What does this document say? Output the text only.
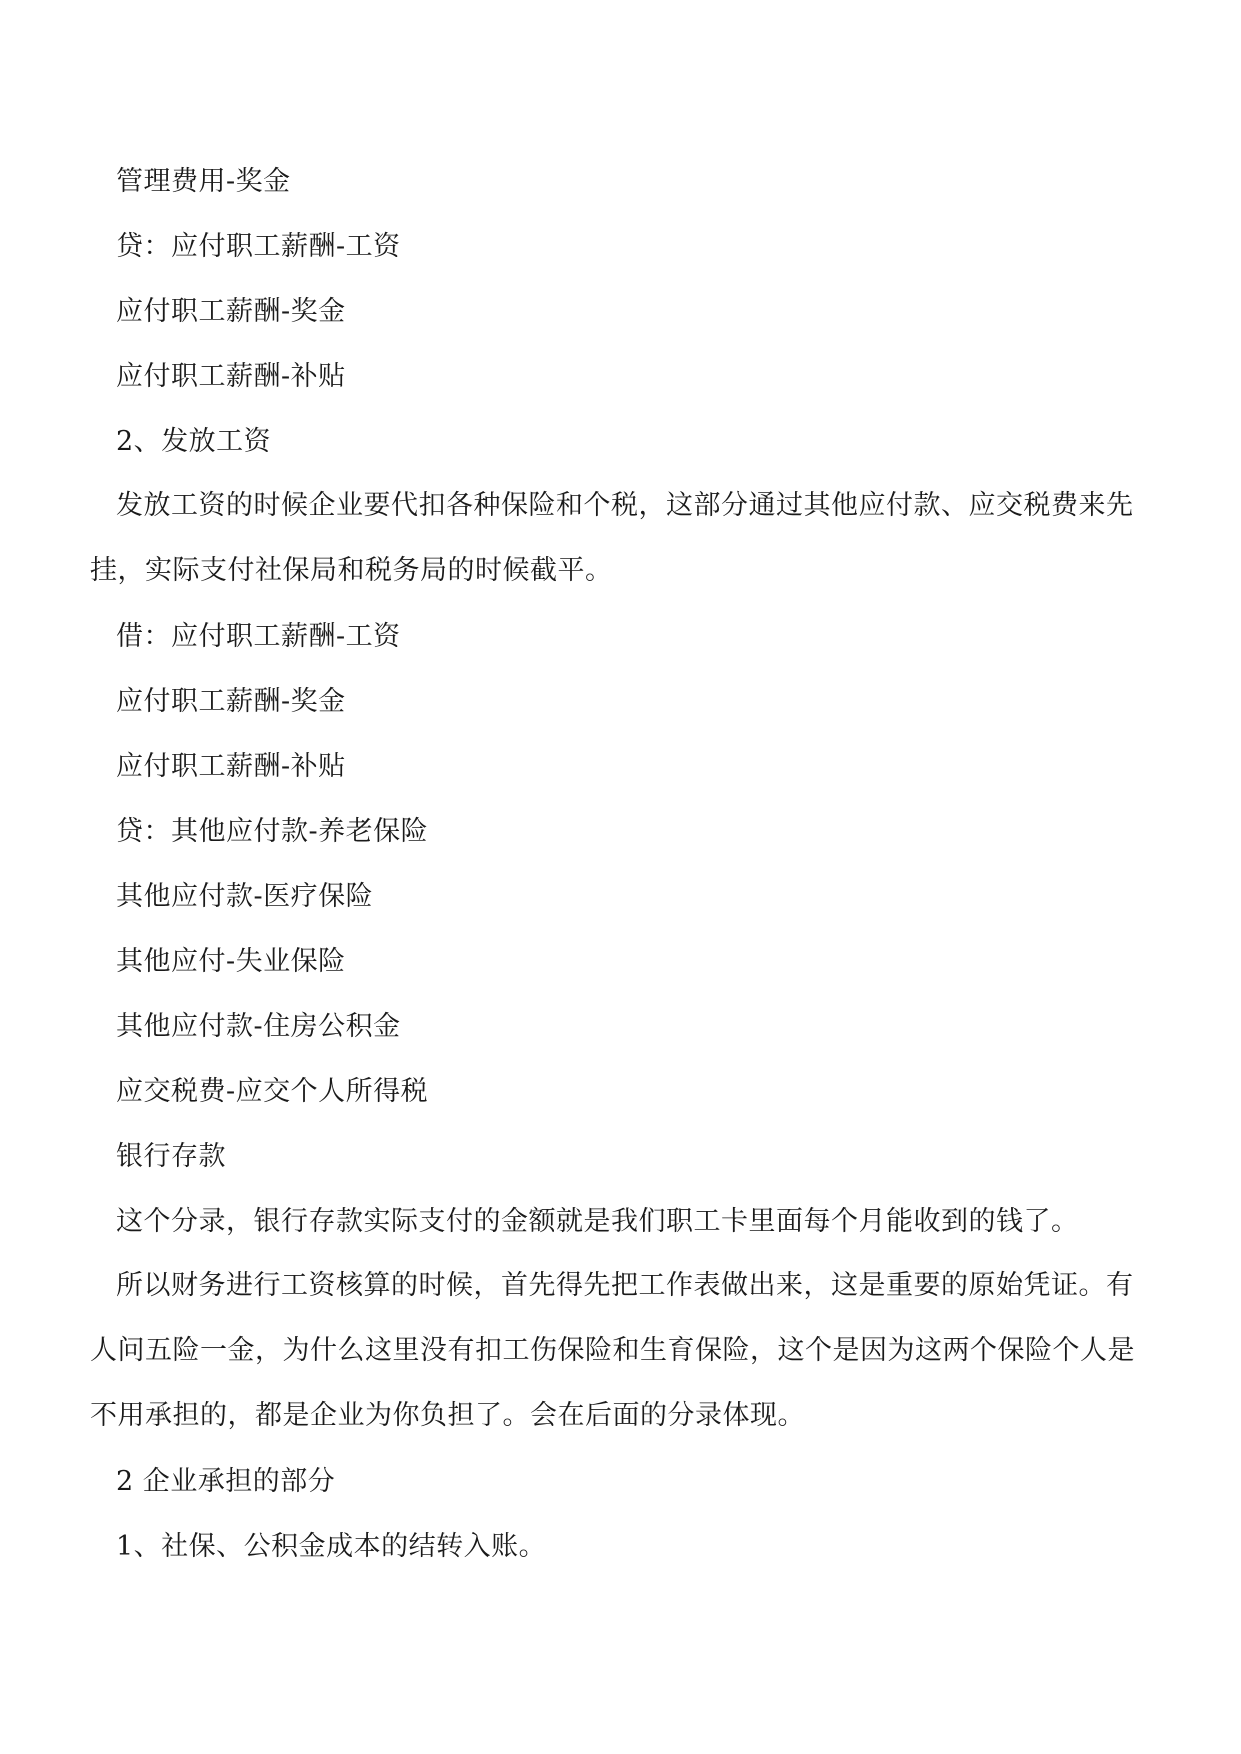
管理费用-奖金
贷：应付职工薪酬-工资
应付职工薪酬-奖金
应付职工薪酬-补贴
2、发放工资
发放工资的时候企业要代扣各种保险和个税，这部分通过其他应付款、应交税费来先挂，实际支付社保局和税务局的时候截平。
借：应付职工薪酬-工资
应付职工薪酬-奖金
应付职工薪酬-补贴
贷：其他应付款-养老保险
其他应付款-医疗保险
其他应付-失业保险
其他应付款-住房公积金
应交税费-应交个人所得税
银行存款
这个分录，银行存款实际支付的金额就是我们职工卡里面每个月能收到的钱了。
所以财务进行工资核算的时候，首先得先把工作表做出来，这是重要的原始凭证。有人问五险一金，为什么这里没有扣工伤保险和生育保险，这个是因为这两个保险个人是不用承担的，都是企业为你负担了。会在后面的分录体现。
2 企业承担的部分
1、社保、公积金成本的结转入账。
